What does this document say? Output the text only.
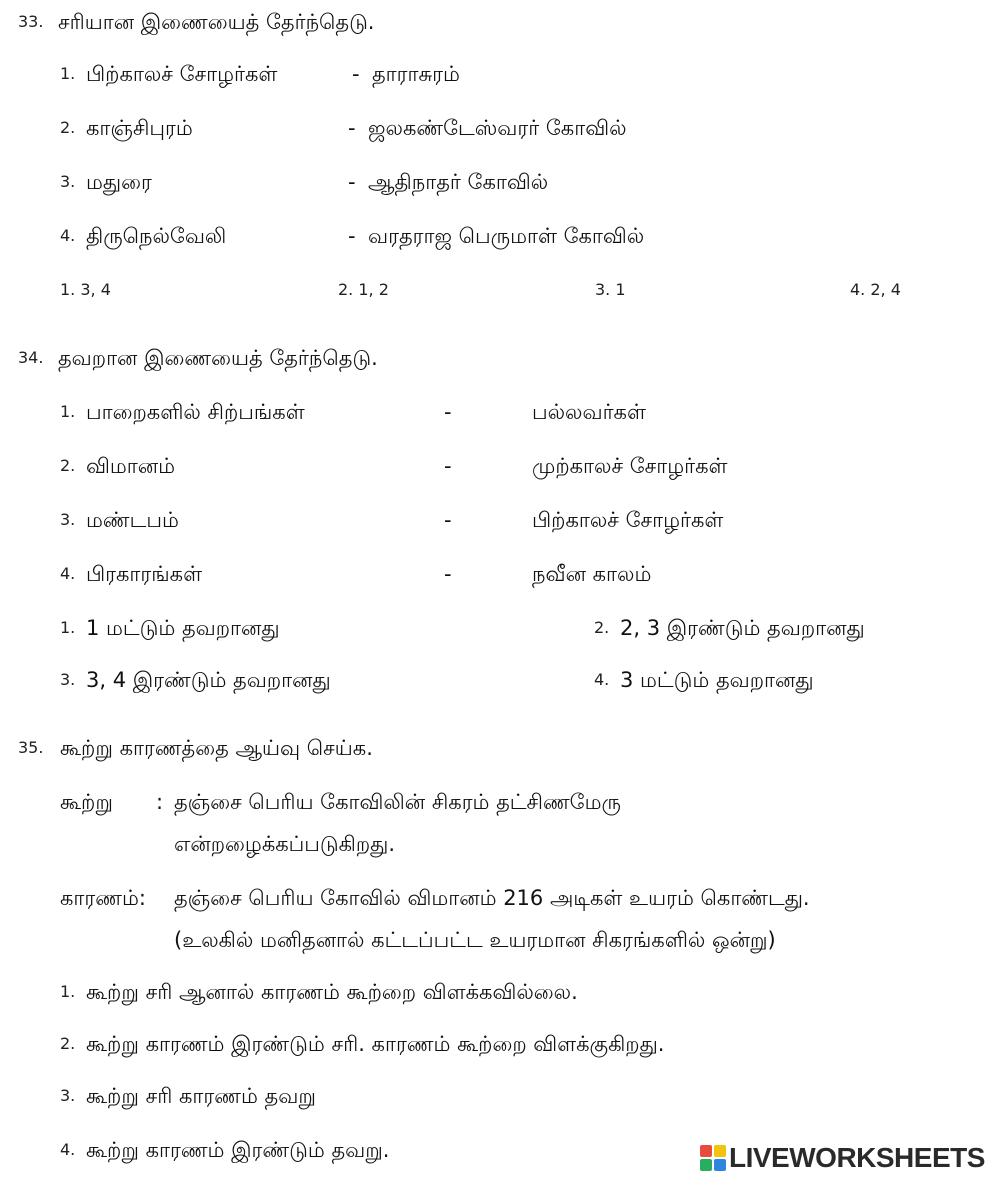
33. சரியான இணையைத் தேர்ந்தெடு.
1. பிற்காலச் சோழர்கள்	- தாராசுரம்
2. காஞ்சிபுரம்	- ஜலகண்டேஸ்வரர் கோவில்
3. மதுரை	- ஆதிநாதர் கோவில்
4. திருநெல்வேலி	- வரதராஜ பெருமாள் கோவில்
1. 3, 4	2. 1, 2	3. 1	4. 2, 4
34. தவறான இணையைத் தேர்ந்தெடு.
1. பாறைகளில் சிற்பங்கள்	-	பல்லவர்கள்
2. விமானம்	-	முற்காலச் சோழர்கள்
3. மண்டபம்	-	பிற்காலச் சோழர்கள்
4. பிரகாரங்கள்	-	நவீன காலம்
1. 1 மட்டும் தவறானது	2. 2, 3 இரண்டும் தவறானது
3. 3, 4 இரண்டும் தவறானது	4. 3 மட்டும் தவறானது
35. கூற்று காரணத்தை ஆய்வு செய்க.
கூற்று : தஞ்சை பெரிய கோவிலின் சிகரம் தட்சிணமேரு
என்றழைக்கப்படுகிறது.
காரணம்: தஞ்சை பெரிய கோவில் விமானம் 216 அடிகள் உயரம் கொண்டது.
(உலகில் மனிதனால் கட்டப்பட்ட உயரமான சிகரங்களில் ஒன்று)
1. கூற்று சரி ஆனால் காரணம் கூற்றை விளக்கவில்லை.
2. கூற்று காரணம் இரண்டும் சரி. காரணம் கூற்றை விளக்குகிறது.
3. கூற்று சரி காரணம் தவறு
4. கூற்று காரணம் இரண்டும் தவறு.	LIVEWORKSHEETS
